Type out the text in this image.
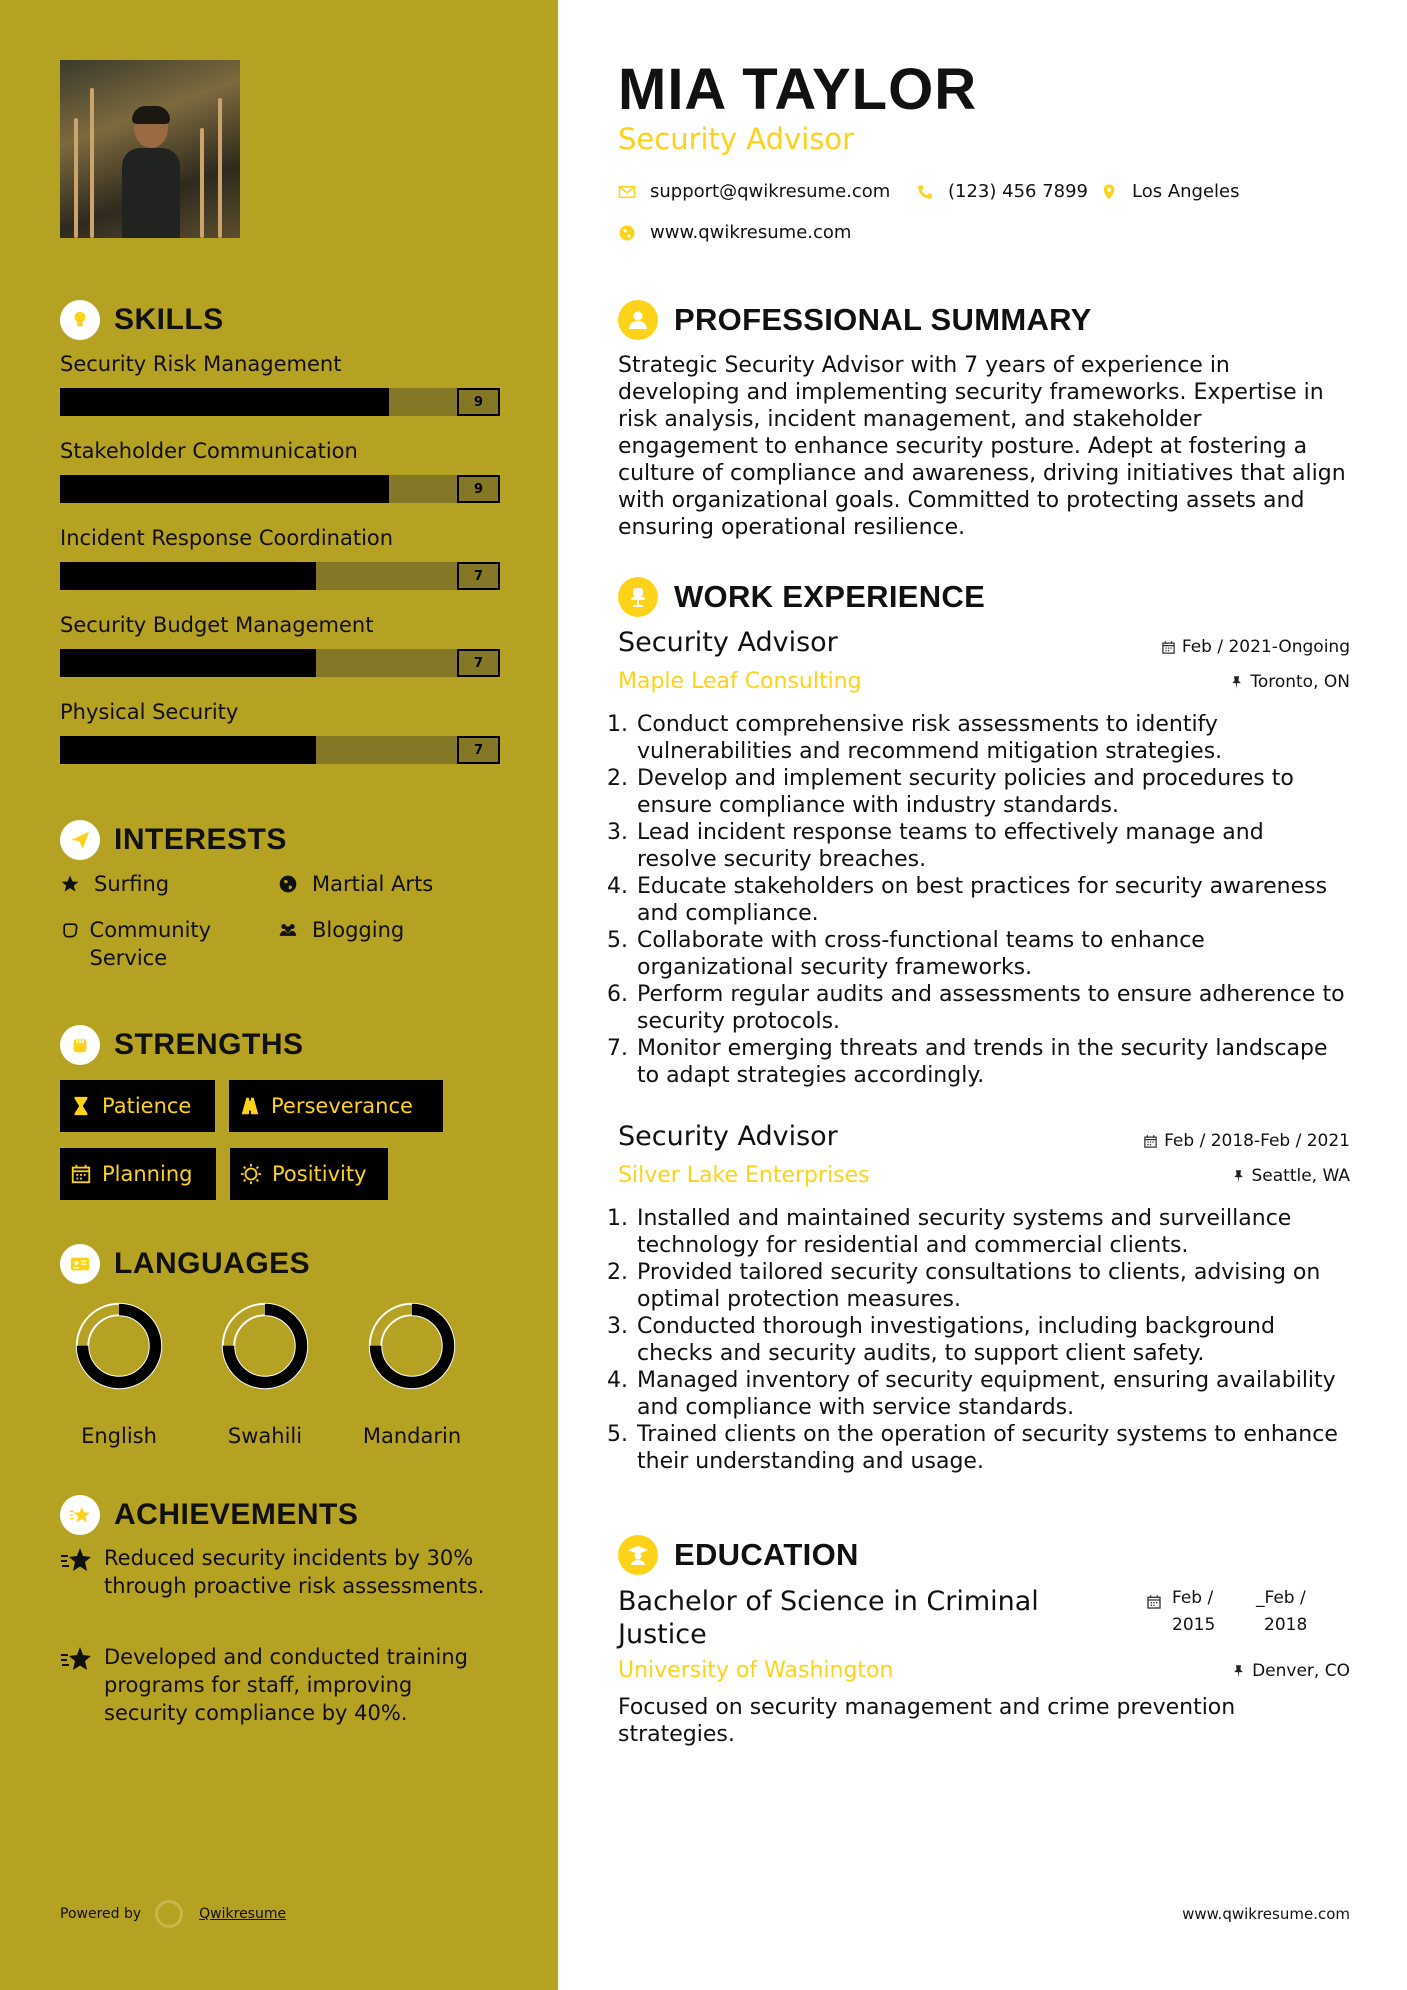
SKILLS
Security Risk Management
9
Stakeholder Communication
9
Incident Response Coordination
7
Security Budget Management
7
Physical Security
7
INTERESTS
Surfing	Martial Arts
Community Service
Blogging
STRENGTHS
Patience	Perseverance
Planning	Positivity
LANGUAGES
English	Swahili	Mandarin
ACHIEVEMENTS
Reduced security incidents by 30% through proactive risk assessments.
Developed and conducted training programs for staff, improving security compliance by 40%.
Powered by	Qwikresume
MIA TAYLOR
Security Advisor
support@qwikresume.com	(123) 456 7899 Los Angeles
www.qwikresume.com
PROFESSIONAL SUMMARY
Strategic Security Advisor with 7 years of experience in developing and implementing security frameworks. Expertise in risk analysis, incident management, and stakeholder engagement to enhance security posture. Adept at fostering a culture of compliance and awareness, driving initiatives that align with organizational goals. Committed to protecting assets and ensuring operational resilience.
WORK EXPERIENCE
Security Advisor
Maple Leaf Consulting
Feb / 2021-Ongoing
Toronto, ON
1. Conduct comprehensive risk assessments to identify vulnerabilities and recommend mitigation strategies.
2. Develop and implement security policies and procedures to ensure compliance with industry standards.
3. Lead incident response teams to effectively manage and resolve security breaches.
4. Educate stakeholders on best practices for security awareness and compliance.
5. Collaborate with cross-functional teams to enhance organizational security frameworks.
6. Perform regular audits and assessments to ensure adherence to security protocols.
7. Monitor emerging threats and trends in the security landscape to adapt strategies accordingly.
Security Advisor
Silver Lake Enterprises
Feb / 2018-Feb / 2021
Seattle, WA
1. Installed and maintained security systems and surveillance technology for residential and commercial clients.
2. Provided tailored security consultations to clients, advising on optimal protection measures.
3. Conducted thorough investigations, including background checks and security audits, to support client safety.
4. Managed inventory of security equipment, ensuring availability and compliance with service standards.
5. Trained clients on the operation of security systems to enhance their understanding and usage.
EDUCATION
Bachelor of Science in Criminal
Justice
University of Washington
Feb /
2015
_Feb /
2018
Denver, CO
Focused on security management and crime prevention strategies.
www.qwikresume.com
